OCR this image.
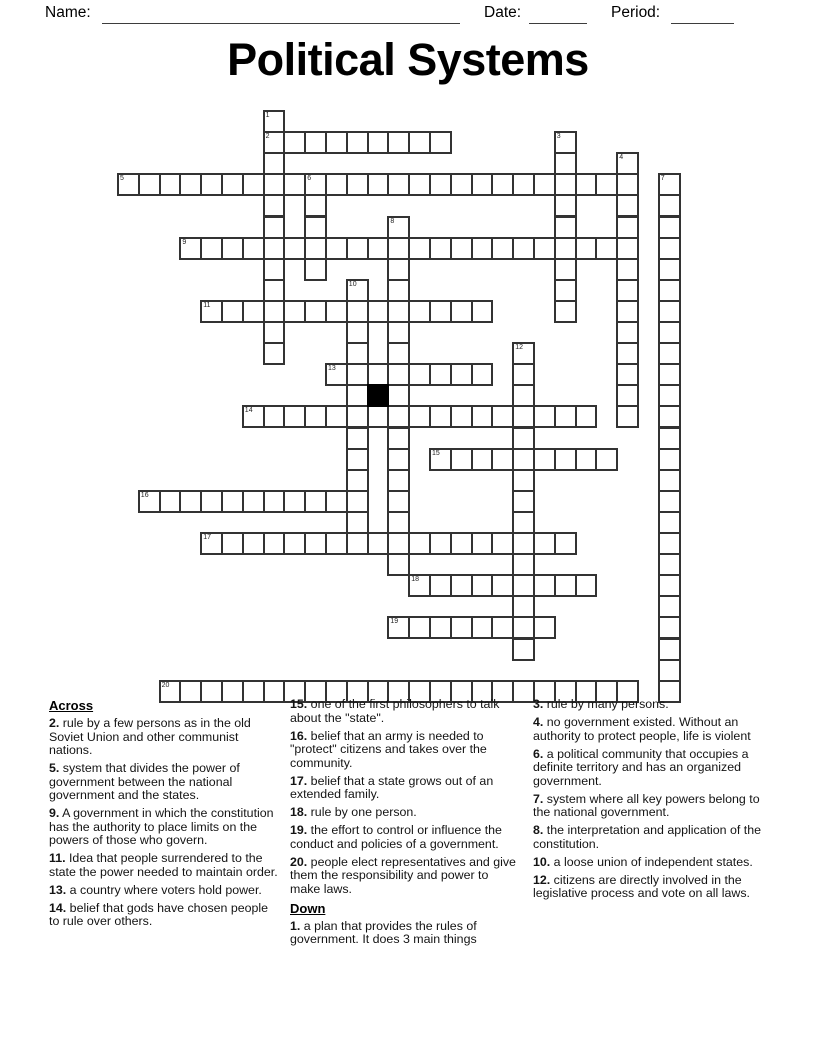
Name:	Date:	Period:
Political Systems
1
2	3
4
5	6	7
8
9
10
11
12
13
14
15
16
17
18
19
20
Across

2. rule by a few persons as in the old Soviet Union and other communist nations.

5. system that divides the power of government between the national government and the states.

9. A government in which the constitution has the authority to place limits on the powers of those who govern.

11. Idea that people surrendered to the state the power needed to maintain order.

13. a country where voters hold power.

14. belief that gods have chosen people to rule over others.

15. one of the first philosophers to talk about the "state".

16. belief that an army is needed to "protect" citizens and takes over the community.

17. belief that a state grows out of an extended family.

18. rule by one person.

19. the effort to control or influence the conduct and policies of a government.

20. people elect representatives and give them the responsibility and power to make laws.

Down

1. a plan that provides the rules of government. It does 3 main things

3. rule by many persons.

4. no government existed. Without an authority to protect people, life is violent

6. a political community that occupies a definite territory and has an organized government.

7. system where all key powers belong to the national government.

8. the interpretation and application of the constitution.

10. a loose union of independent states.

12. citizens are directly involved in the legislative process and vote on all laws.
